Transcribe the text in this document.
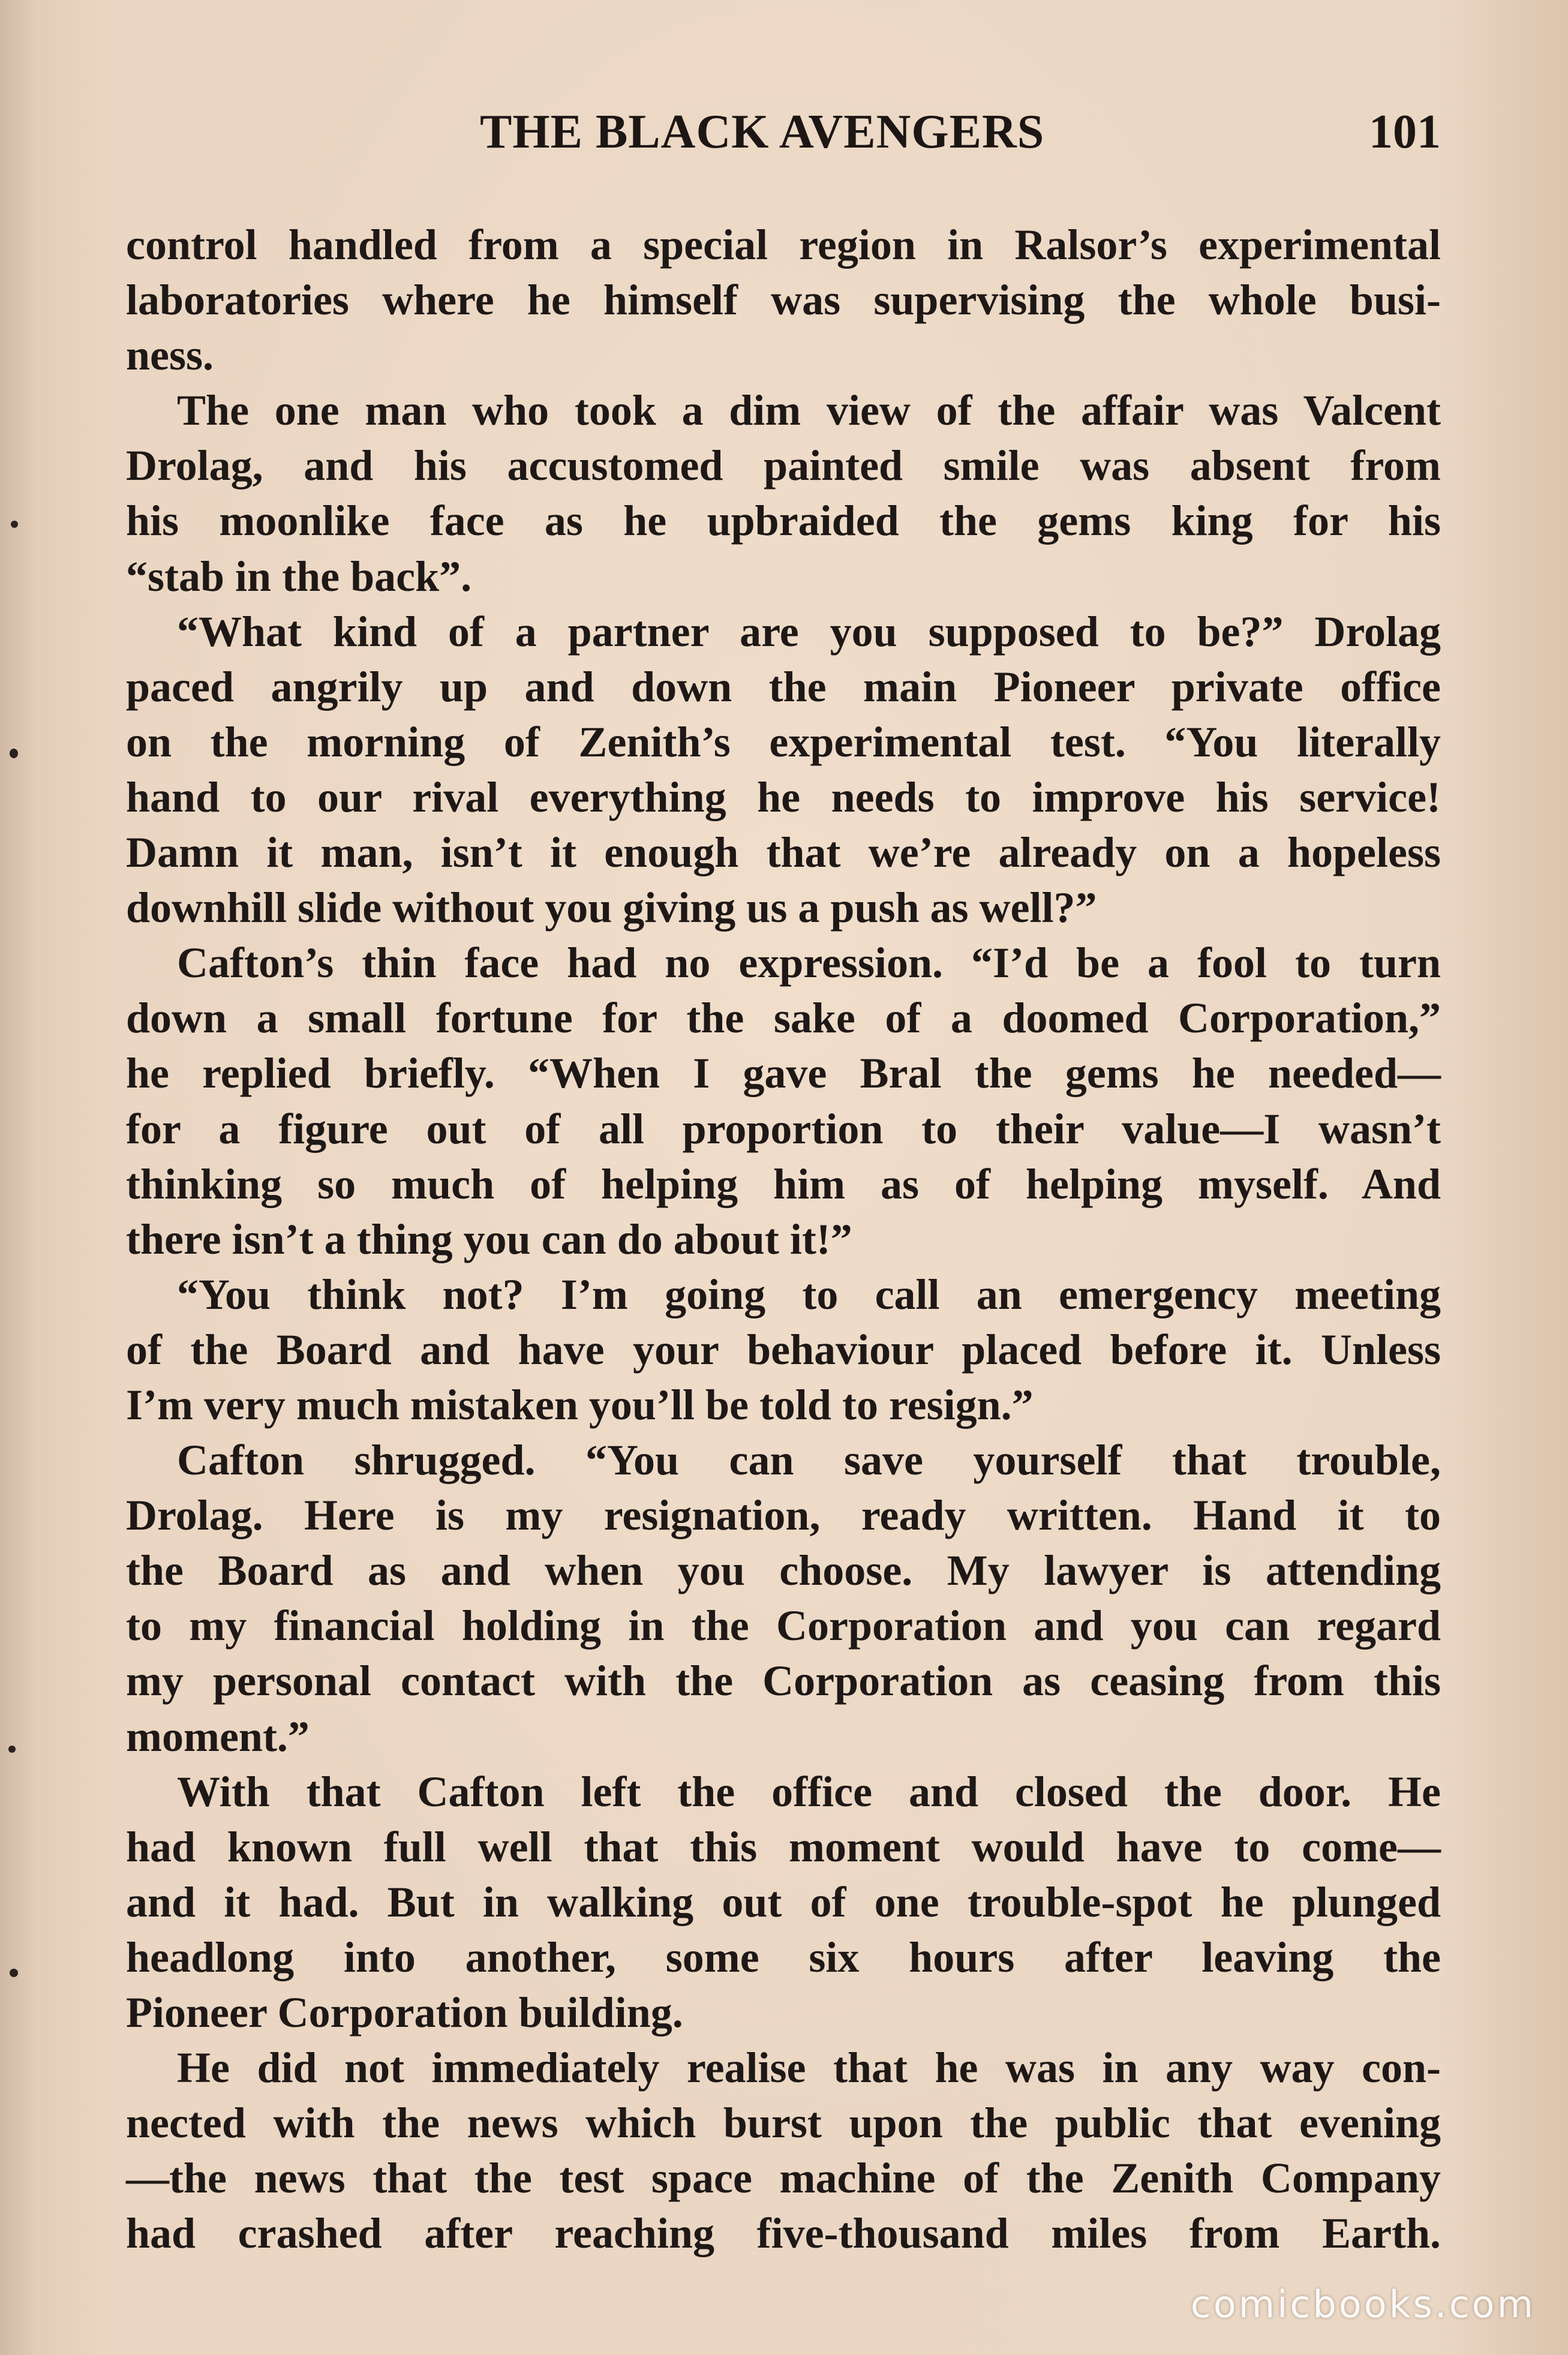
THE BLACK AVENGERS	101
control handled from a special region in Ralsor’s experimental
laboratories where he himself was supervising the whole busi-
ness.
The one man who took a dim view of the affair was Valcent
Drolag, and his accustomed painted smile was absent from
his moonlike face as he upbraided the gems king for his
“stab in the back”.
“What kind of a partner are you supposed to be?” Drolag
paced angrily up and down the main Pioneer private office
on the morning of Zenith’s experimental test. “You literally
hand to our rival everything he needs to improve his service!
Damn it man, isn’t it enough that we’re already on a hopeless
downhill slide without you giving us a push as well?”
Cafton’s thin face had no expression. “I’d be a fool to turn
down a small fortune for the sake of a doomed Corporation,”
he replied briefly. “When I gave Bral the gems he needed—
for a figure out of all proportion to their value—I wasn’t
thinking so much of helping him as of helping myself. And
there isn’t a thing you can do about it!”
“You think not? I’m going to call an emergency meeting
of the Board and have your behaviour placed before it. Unless
I’m very much mistaken you’ll be told to resign.”
Cafton shrugged. “You can save yourself that trouble,
Drolag. Here is my resignation, ready written. Hand it to
the Board as and when you choose. My lawyer is attending
to my financial holding in the Corporation and you can regard
my personal contact with the Corporation as ceasing from this
moment.”
With that Cafton left the office and closed the door. He
had known full well that this moment would have to come—
and it had. But in walking out of one trouble-spot he plunged
headlong into another, some six hours after leaving the
Pioneer Corporation building.
He did not immediately realise that he was in any way con-
nected with the news which burst upon the public that evening
—the news that the test space machine of the Zenith Company
had crashed after reaching five-thousand miles from Earth.
comicbooks.com
